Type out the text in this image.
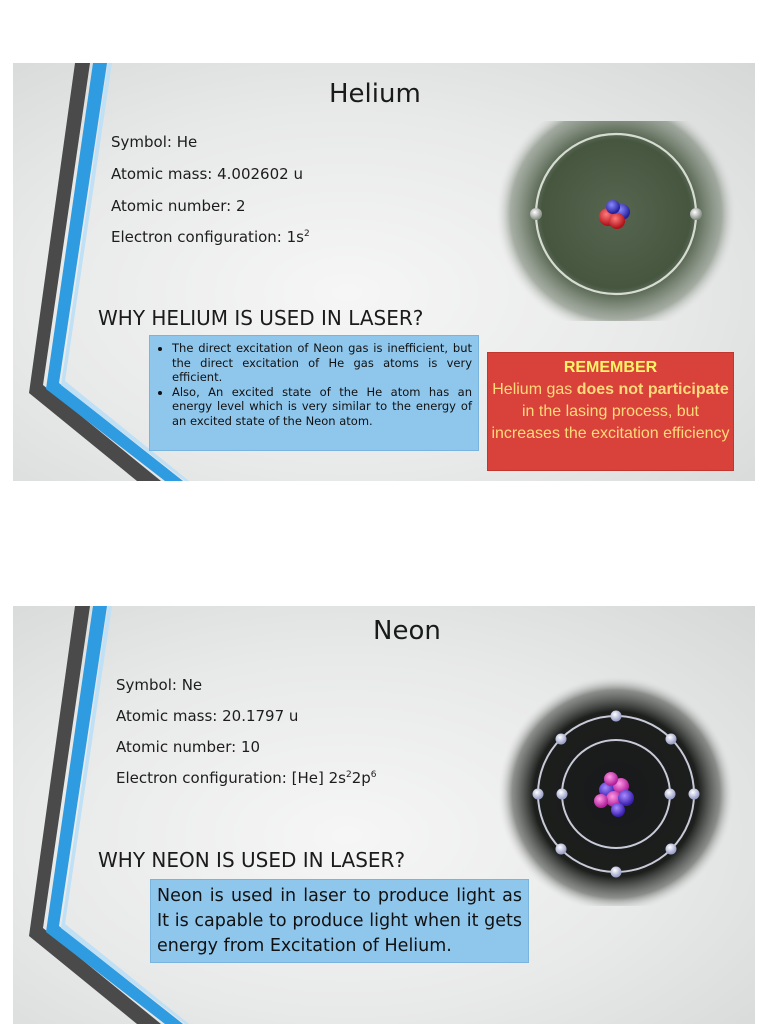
Helium
Symbol: He
Atomic mass: 4.002602 u
Atomic number: 2
Electron configuration: $1s^2$
WHY HELIUM IS USED IN LASER?
• The direct excitation of Neon gas is inefficient, but the direct excitation of He gas atoms is very efficient.
• Also, An excited state of the He atom has an energy level which is very similar to the energy of an excited state of the Neon atom.
REMEMBER
Helium gas does not participate in the lasing process, but increases the excitation efficiency
Neon
Symbol: Ne
Atomic mass: 20.1797 u
Atomic number: 10
Electron configuration: [He] $2s^22p^6$
WHY NEON IS USED IN LASER?
Neon is used in laser to produce light as It is capable to produce light when it gets energy from Excitation of Helium.
